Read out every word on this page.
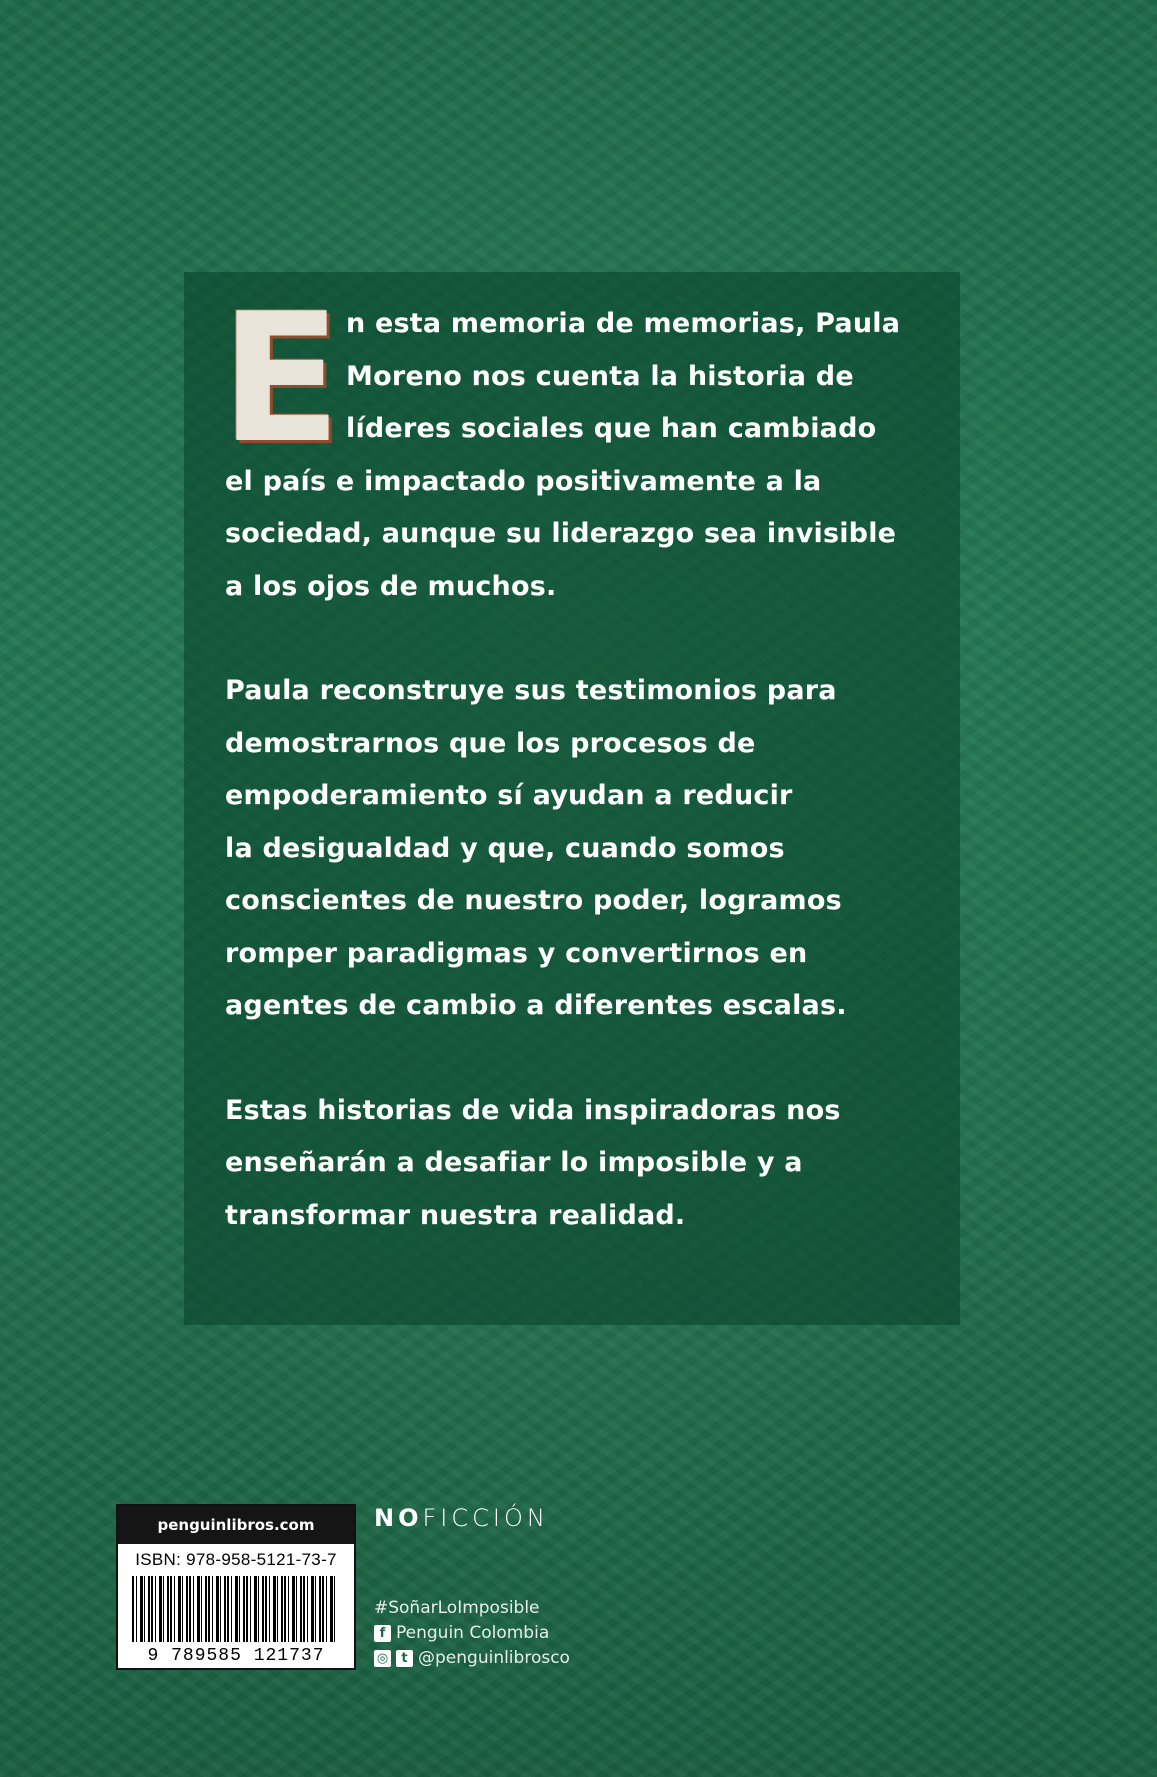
E n esta memoria de memorias, Paula
Moreno nos cuenta la historia de
líderes sociales que han cambiado
el país e impactado positivamente a la
sociedad, aunque su liderazgo sea invisible
a los ojos de muchos.

Paula reconstruye sus testimonios para
demostrarnos que los procesos de
empoderamiento sí ayudan a reducir
la desigualdad y que, cuando somos
conscientes de nuestro poder, logramos
romper paradigmas y convertirnos en
agentes de cambio a diferentes escalas.

Estas historias de vida inspiradoras nos
enseñarán a desafiar lo imposible y a
transformar nuestra realidad.

penguinlibros.com
ISBN: 978-958-5121-73-7
9 789585 121737
NOFICCIÓN
#SoñarLoImposible
f Penguin Colombia
◎	t @penguinlibrosco
